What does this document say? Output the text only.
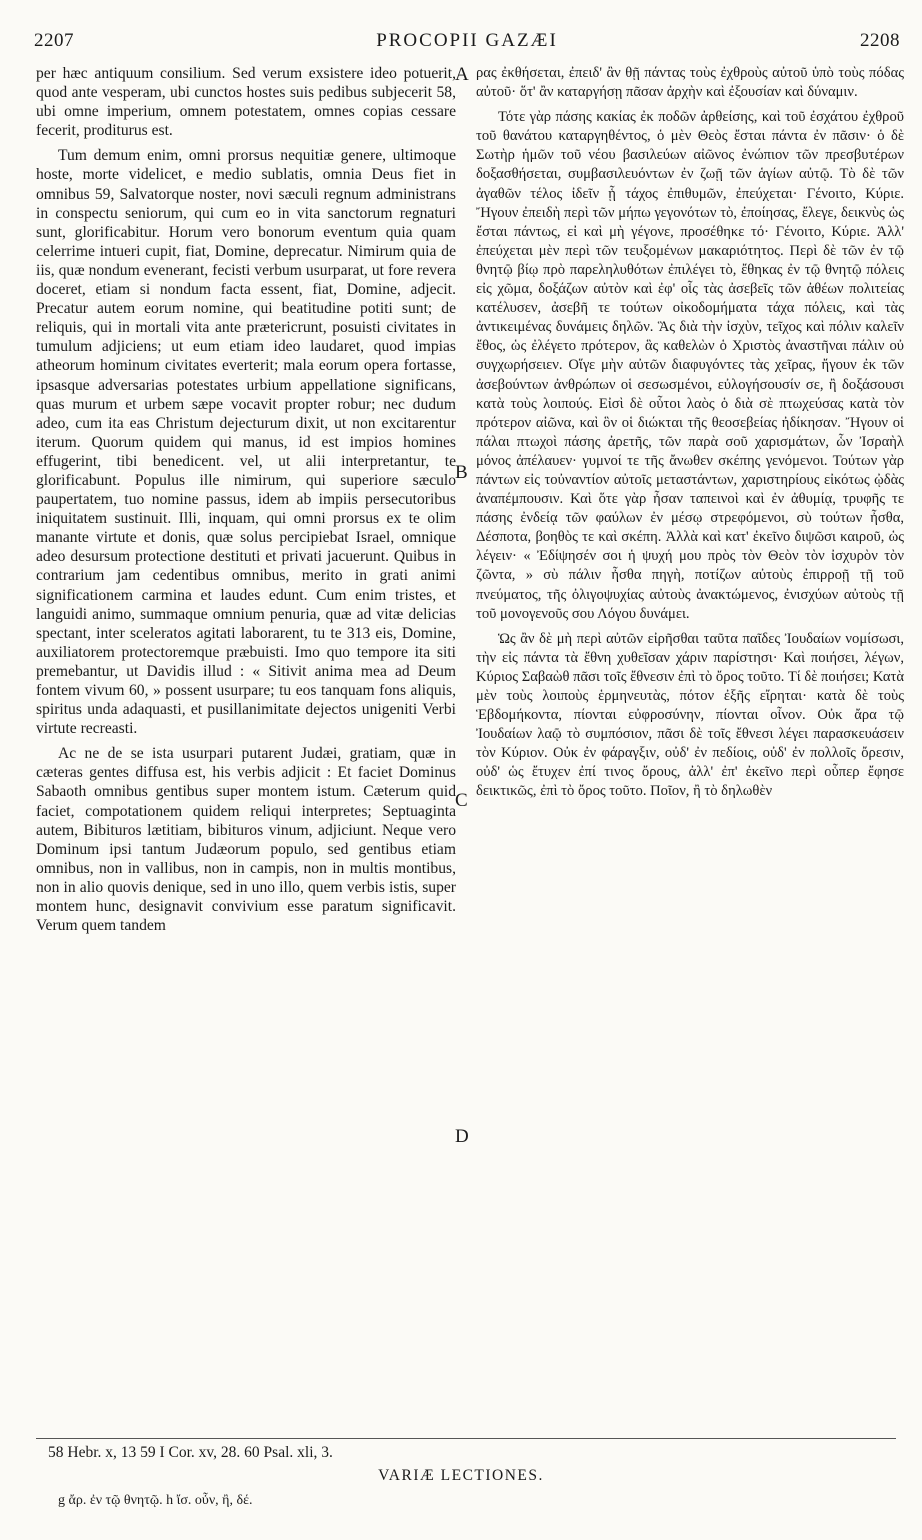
2207	PROCOPII GAZÆI	2208

per hæc antiquum consilium. Sed verum exsistere ideo potuerit, quod ante vesperam, ubi cunctos hostes suis pedibus subjecerit 58, ubi omne imperium, omnem potestatem, omnes copias cessare fecerit, proditurus est.

Tum demum enim, omni prorsus nequitiæ genere, ultimoque hoste, morte videlicet, e medio sublatis, omnia Deus fiet in omnibus 59, Salvatorque noster, novi sæculi regnum administrans in conspectu seniorum, qui cum eo in vita sanctorum regnaturi sunt, glorificabitur. Horum vero bonorum eventum quia quam celerrime intueri cupit, fiat, Domine, deprecatur. Nimirum quia de iis, quæ nondum evenerant, fecisti verbum usurparat, ut fore revera doceret, etiam si nondum facta essent, fiat, Domine, adjecit. Precatur autem eorum nomine, qui beatitudine potiti sunt; de reliquis, qui in mortali vita ante prætericrunt, posuisti civitates in tumulum adjiciens; ut eum etiam ideo laudaret, quod impias atheorum hominum civitates everterit; mala eorum opera fortasse, ipsasque adversarias potestates urbium appellatione significans, quas murum et urbem sæpe vocavit propter robur; nec dudum adeo, cum ita eas Christum dejecturum dixit, ut non excitarentur iterum. Quorum quidem qui manus, id est impios homines effugerint, tibi benedicent. vel, ut alii interpretantur, te glorificabunt. Populus ille nimirum, qui superiore sæculo paupertatem, tuo nomine passus, idem ab impiis persecutoribus iniquitatem sustinuit. Illi, inquam, qui omni prorsus ex te olim manante virtute et donis, quæ solus percipiebat Israel, omnique adeo desursum protectione destituti et privati jacuerunt. Quibus in contrarium jam cedentibus omnibus, merito in grati animi significationem carmina et laudes edunt. Cum enim tristes, et languidi animo, summaque omnium penuria, quæ ad vitæ delicias spectant, inter sceleratos agitati laborarent, tu te 313 eis, Domine, auxiliatorem protectoremque præbuisti. Imo quo tempore ita siti premebantur, ut Davidis illud : « Sitivit anima mea ad Deum fontem vivum 60, » possent usurpare; tu eos tanquam fons aliquis, spiritus unda adaquasti, et pusillanimitate dejectos unigeniti Verbi virtute recreasti.

Ac ne de se ista usurpari putarent Judæi, gratiam, quæ in cæteras gentes diffusa est, his verbis adjicit : Et faciet Dominus Sabaoth omnibus gentibus super montem istum. Cæterum quid faciet, compotationem quidem reliqui interpretes; Septuaginta autem, Bibituros lætitiam, bibituros vinum, adjiciunt. Neque vero Dominum ipsi tantum Judæorum populo, sed gentibus etiam omnibus, non in vallibus, non in campis, non in multis montibus, non in alio quovis denique, sed in uno illo, quem verbis istis, super montem hunc, designavit convivium esse paratum significavit. Verum quem tandem

A
B
C
D

ρας ἐκθήσεται, ἐπειδ' ἂν θῇ πάντας τοὺς ἐχθροὺς αὐτοῦ ὑπὸ τοὺς πόδας αὐτοῦ· ὅτ' ἂν καταργήσῃ πᾶσαν ἀρχὴν καὶ ἐξουσίαν καὶ δύναμιν.

Τότε γὰρ πάσης κακίας ἐκ ποδῶν ἀρθείσης, καὶ τοῦ ἐσχάτου ἐχθροῦ τοῦ θανάτου καταργηθέντος, ὁ μὲν Θεὸς ἔσται πάντα ἐν πᾶσιν· ὁ δὲ Σωτὴρ ἡμῶν τοῦ νέου βασιλεύων αἰῶνος ἐνώπιον τῶν πρεσβυτέρων δοξασθήσεται, συμβασιλευόντων ἐν ζωῇ τῶν ἁγίων αὐτῷ. Τὸ δὲ τῶν ἀγαθῶν τέλος ἰδεῖν ᾗ τάχος ἐπιθυμῶν, ἐπεύχεται· Γένοιτο, Κύριε. Ἤγουν ἐπειδὴ περὶ τῶν μήπω γεγονότων τὸ, ἐποίησας, ἔλεγε, δεικνὺς ὡς ἔσται πάντως, εἰ καὶ μὴ γέγονε, προσέθηκε τό· Γένοιτο, Κύριε. Ἀλλ' ἐπεύχεται μὲν περὶ τῶν τευξομένων μακαριότητος. Περὶ δὲ τῶν ἐν τῷ θνητῷ βίῳ πρὸ παρεληλυθότων ἐπιλέγει τὸ, ἔθηκας ἐν τῷ θνητῷ πόλεις εἰς χῶμα, δοξάζων αὐτὸν καὶ ἐφ' οἷς τὰς ἀσεβεῖς τῶν ἀθέων πολιτείας κατέλυσεν, ἀσεβῆ τε τούτων οἰκοδομήματα τάχα πόλεις, καὶ τὰς ἀντικειμένας δυνάμεις δηλῶν. Ἃς διὰ τὴν ἰσχὺν, τεῖχος καὶ πόλιν καλεῖν ἔθος, ὡς ἐλέγετο πρότερον, ἃς καθελὼν ὁ Χριστὸς ἀναστῆναι πάλιν οὐ συγχωρήσειεν. Οἵγε μὴν αὐτῶν διαφυγόντες τὰς χεῖρας, ἤγουν ἐκ τῶν ἀσεβούντων ἀνθρώπων οἱ σεσωσμένοι, εὐλογήσουσίν σε, ἢ δοξάσουσι κατὰ τοὺς λοιπούς. Εἰσὶ δὲ οὗτοι λαὸς ὁ διὰ σὲ πτωχεύσας κατὰ τὸν πρότερον αἰῶνα, καὶ ὃν οἱ διώκται τῆς θεοσεβείας ἠδίκησαν. Ἤγουν οἱ πάλαι πτωχοὶ πάσης ἀρετῆς, τῶν παρὰ σοῦ χαρισμάτων, ὧν Ἰσραὴλ μόνος ἀπέλαυεν· γυμνοί τε τῆς ἄνωθεν σκέπης γενόμενοι. Τούτων γὰρ πάντων εἰς τοὐναντίον αὐτοῖς μεταστάντων, χαριστηρίους εἰκότως ᾠδὰς ἀναπέμπουσιν. Καὶ ὅτε γὰρ ἦσαν ταπεινοὶ καὶ ἐν ἀθυμίᾳ, τρυφῆς τε πάσης ἐνδείᾳ τῶν φαύλων ἐν μέσῳ στρεφόμενοι, σὺ τούτων ἦσθα, Δέσποτα, βοηθὸς τε καὶ σκέπη. Ἀλλὰ καὶ κατ' ἐκεῖνο διψῶσι καιροῦ, ὡς λέγειν· « Ἐδίψησέν σοι ἡ ψυχή μου πρὸς τὸν Θεὸν τὸν ἰσχυρὸν τὸν ζῶντα, » σὺ πάλιν ἦσθα πηγὴ, ποτίζων αὐτοὺς ἐπιρροῇ τῇ τοῦ πνεύματος, τῆς ὀλιγοψυχίας αὐτοὺς ἀνακτώμενος, ἐνισχύων αὐτοὺς τῇ τοῦ μονογενοῦς σου Λόγου δυνάμει.

Ὡς ἂν δὲ μὴ περὶ αὐτῶν εἰρῆσθαι ταῦτα παῖδες Ἰουδαίων νομίσωσι, τὴν εἰς πάντα τὰ ἔθνη χυθεῖσαν χάριν παρίστησι· Καὶ ποιήσει, λέγων, Κύριος Σαβαὼθ πᾶσι τοῖς ἔθνεσιν ἐπὶ τὸ ὄρος τοῦτο. Τί δὲ ποιήσει; Κατὰ μὲν τοὺς λοιποὺς ἑρμηνευτὰς, πότον ἐξῆς εἴρηται· κατὰ δὲ τοὺς Ἑβδομήκοντα, πίονται εὐφροσύνην, πίονται οἶνον. Οὐκ ἄρα τῷ Ἰουδαίων λαῷ τὸ συμπόσιον, πᾶσι δὲ τοῖς ἔθνεσι λέγει παρασκευάσειν τὸν Κύριον. Οὐκ ἐν φάραγξιν, οὐδ' ἐν πεδίοις, οὐδ' ἐν πολλοῖς ὄρεσιν, οὐδ' ὡς ἔτυχεν ἐπί τινος ὄρους, ἀλλ' ἐπ' ἐκεῖνο περὶ οὗπερ ἔφησε δεικτικῶς, ἐπὶ τὸ ὄρος τοῦτο. Ποῖον, ἢ τὸ δηλωθὲν

58 Hebr. x, 13 59 I Cor. xv, 28. 60 Psal. xli, 3.
VARIÆ LECTIONES.
g ἄρ. ἐν τῷ θνητῷ. h ἴσ. οὖν, ἢ, δέ.
